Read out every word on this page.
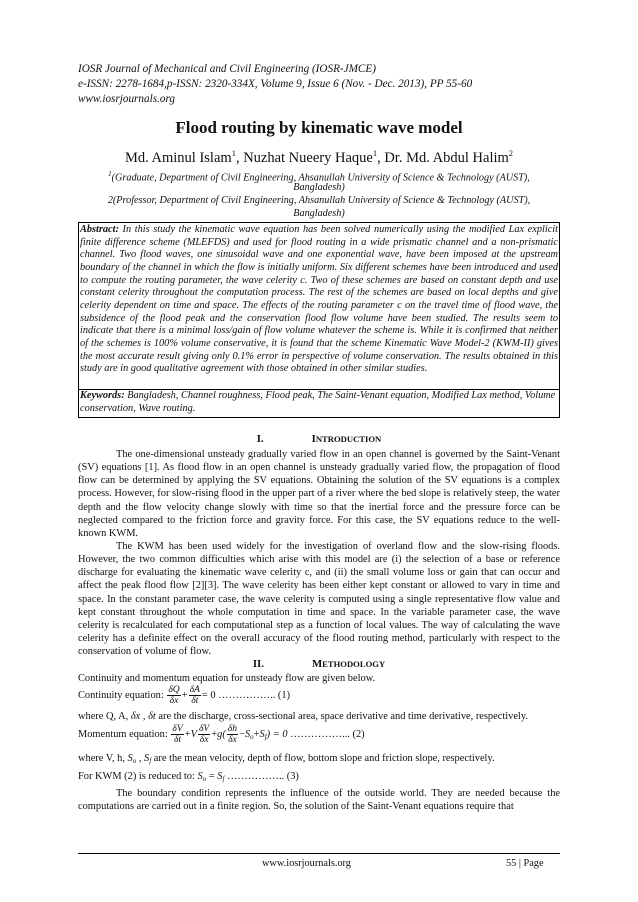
IOSR Journal of Mechanical and Civil Engineering (IOSR-JMCE)
e-ISSN: 2278-1684,p-ISSN: 2320-334X, Volume 9, Issue 6 (Nov. - Dec. 2013), PP 55-60
www.iosrjournals.org
Flood routing by kinematic wave model
Md. Aminul Islam$^1$, Nuzhat Nueery Haque$^1$, Dr. Md. Abdul Halim$^2$
$^1$(Graduate, Department of Civil Engineering, Ahsanullah University of Science & Technology (AUST),
Bangladesh)
2(Professor, Department of Civil Engineering, Ahsanullah University of Science & Technology (AUST),
Bangladesh)

Abstract: In this study the kinematic wave equation has been solved numerically using the modified Lax explicit finite difference scheme (MLEFDS) and used for flood routing in a wide prismatic channel and a non-prismatic channel. Two flood waves, one sinusoidal wave and one exponential wave, have been imposed at the upstream boundary of the channel in which the flow is initially uniform. Six different schemes have been introduced and used to compute the routing parameter, the wave celerity c. Two of these schemes are based on constant depth and use constant celerity throughout the computation process. The rest of the schemes are based on local depths and give celerity dependent on time and space. The effects of the routing parameter c on the travel time of flood wave, the subsidence of the flood peak and the conservation flood flow volume have been studied. The results seem to indicate that there is a minimal loss/gain of flow volume whatever the scheme is. While it is confirmed that neither of the schemes is 100% volume conservative, it is found that the scheme Kinematic Wave Model-2 (KWM-II) gives the most accurate result giving only 0.1% error in perspective of volume conservation. The results obtained in this study are in good qualitative agreement with those obtained in other similar studies.

Keywords: Bangladesh, Channel roughness, Flood peak, The Saint-Venant equation, Modified Lax method, Volume conservation, Wave routing.

I.	INTRODUCTION

The one-dimensional unsteady gradually varied flow in an open channel is governed by the Saint-Venant (SV) equations [1]. As flood flow in an open channel is unsteady gradually varied flow, the propagation of flood flow can be determined by applying the SV equations. Obtaining the solution of the SV equations is a complex process. However, for slow-rising flood in the upper part of a river where the bed slope is relatively steep, the water depth and the flow velocity change slowly with time so that the inertial force and the pressure force can be neglected compared to the friction force and gravity force. For this case, the SV equations reduce to the well-known KWM.

The KWM has been used widely for the investigation of overland flow and the slow-rising floods. However, the two common difficulties which arise with this model are (i) the selection of a base or reference discharge for evaluating the kinematic wave celerity c, and (ii) the small volume loss or gain that can occur and affect the peak flood flow [2][3]. The wave celerity has been either kept constant or allowed to vary in time and space. In the constant parameter case, the wave celerity is computed using a single representative flow value and kept constant throughout the whole computation in time and space. In the variable parameter case, the wave celerity is recalculated for each computational step as a function of local values. The way of calculating the wave celerity has a definite effect on the overall accuracy of the flood routing method, particularly with respect to the conservation of volume of flow.

II.	METHODOLOGY
Continuity and momentum equation for unsteady flow are given below.
Continuity equation: $\frac{\delta Q}{\delta x} + \frac{\delta A}{\delta t} = 0$ …………….. (1)
where Q, A, δx , δt are the discharge, cross-sectional area, space derivative and time derivative, respectively.
Momentum equation: $\frac{\delta V}{\delta t} +V \frac{\delta V}{\delta x} +g( \frac{\delta h}{\delta x} -S_o+S_f) = 0$ ……………... (2)
where V, h, $S_o$ , $S_f$ are the mean velocity, depth of flow, bottom slope and friction slope, respectively.
For KWM (2) is reduced to: $S_o = S_f$ …………….. (3)

The boundary condition represents the influence of the outside world. They are needed because the computations are carried out in a finite region. So, the solution of the Saint-Venant equations require that

www.iosrjournals.org	55 | Page
